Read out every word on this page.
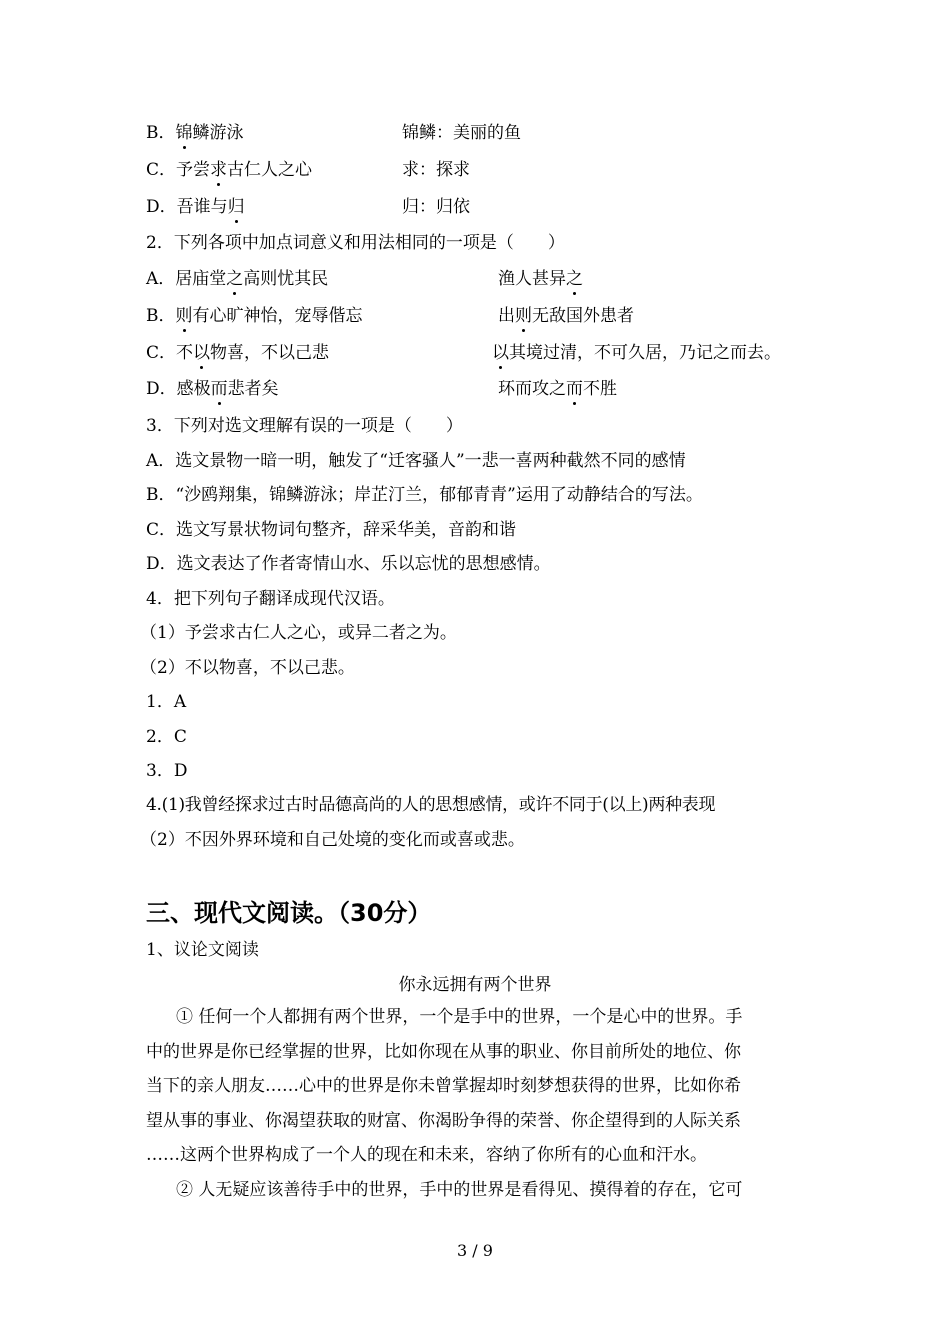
B．锦鳞游泳	锦鳞：美丽的鱼
C．予尝求古仁人之心	求：探求
D．吾谁与归	归：归依
2．下列各项中加点词意义和用法相同的一项是（　　）
A．居庙堂之高则忧其民	渔人甚异之
B．则有心旷神怡，宠辱偕忘	出则无敌国外患者
C．不以物喜，不以己悲	以其境过清，不可久居，乃记之而去。
D．感极而悲者矣	环而攻之而不胜
3．下列对选文理解有误的一项是（　　）
A．选文景物一暗一明，触发了“迁客骚人”一悲一喜两种截然不同的感情
B．“沙鸥翔集，锦鳞游泳；岸芷汀兰，郁郁青青”运用了动静结合的写法。
C．选文写景状物词句整齐，辞采华美，音韵和谐
D．选文表达了作者寄情山水、乐以忘忧的思想感情。
4．把下列句子翻译成现代汉语。
（1）予尝求古仁人之心，或异二者之为。
（2）不以物喜，不以己悲。
1．A
2．C
3．D
4.(1)我曾经探求过古时品德高尚的人的思想感情，或许不同于(以上)两种表现
（2）不因外界环境和自己处境的变化而或喜或悲。
三、现代文阅读。（30分）
1、议论文阅读
你永远拥有两个世界
① 任何一个人都拥有两个世界，一个是手中的世界，一个是心中的世界。手
中的世界是你已经掌握的世界，比如你现在从事的职业、你目前所处的地位、你
当下的亲人朋友……心中的世界是你未曾掌握却时刻梦想获得的世界，比如你希
望从事的事业、你渴望获取的财富、你渴盼争得的荣誉、你企望得到的人际关系
……这两个世界构成了一个人的现在和未来，容纳了你所有的心血和汗水。
② 人无疑应该善待手中的世界，手中的世界是看得见、摸得着的存在，它可
3 / 9
